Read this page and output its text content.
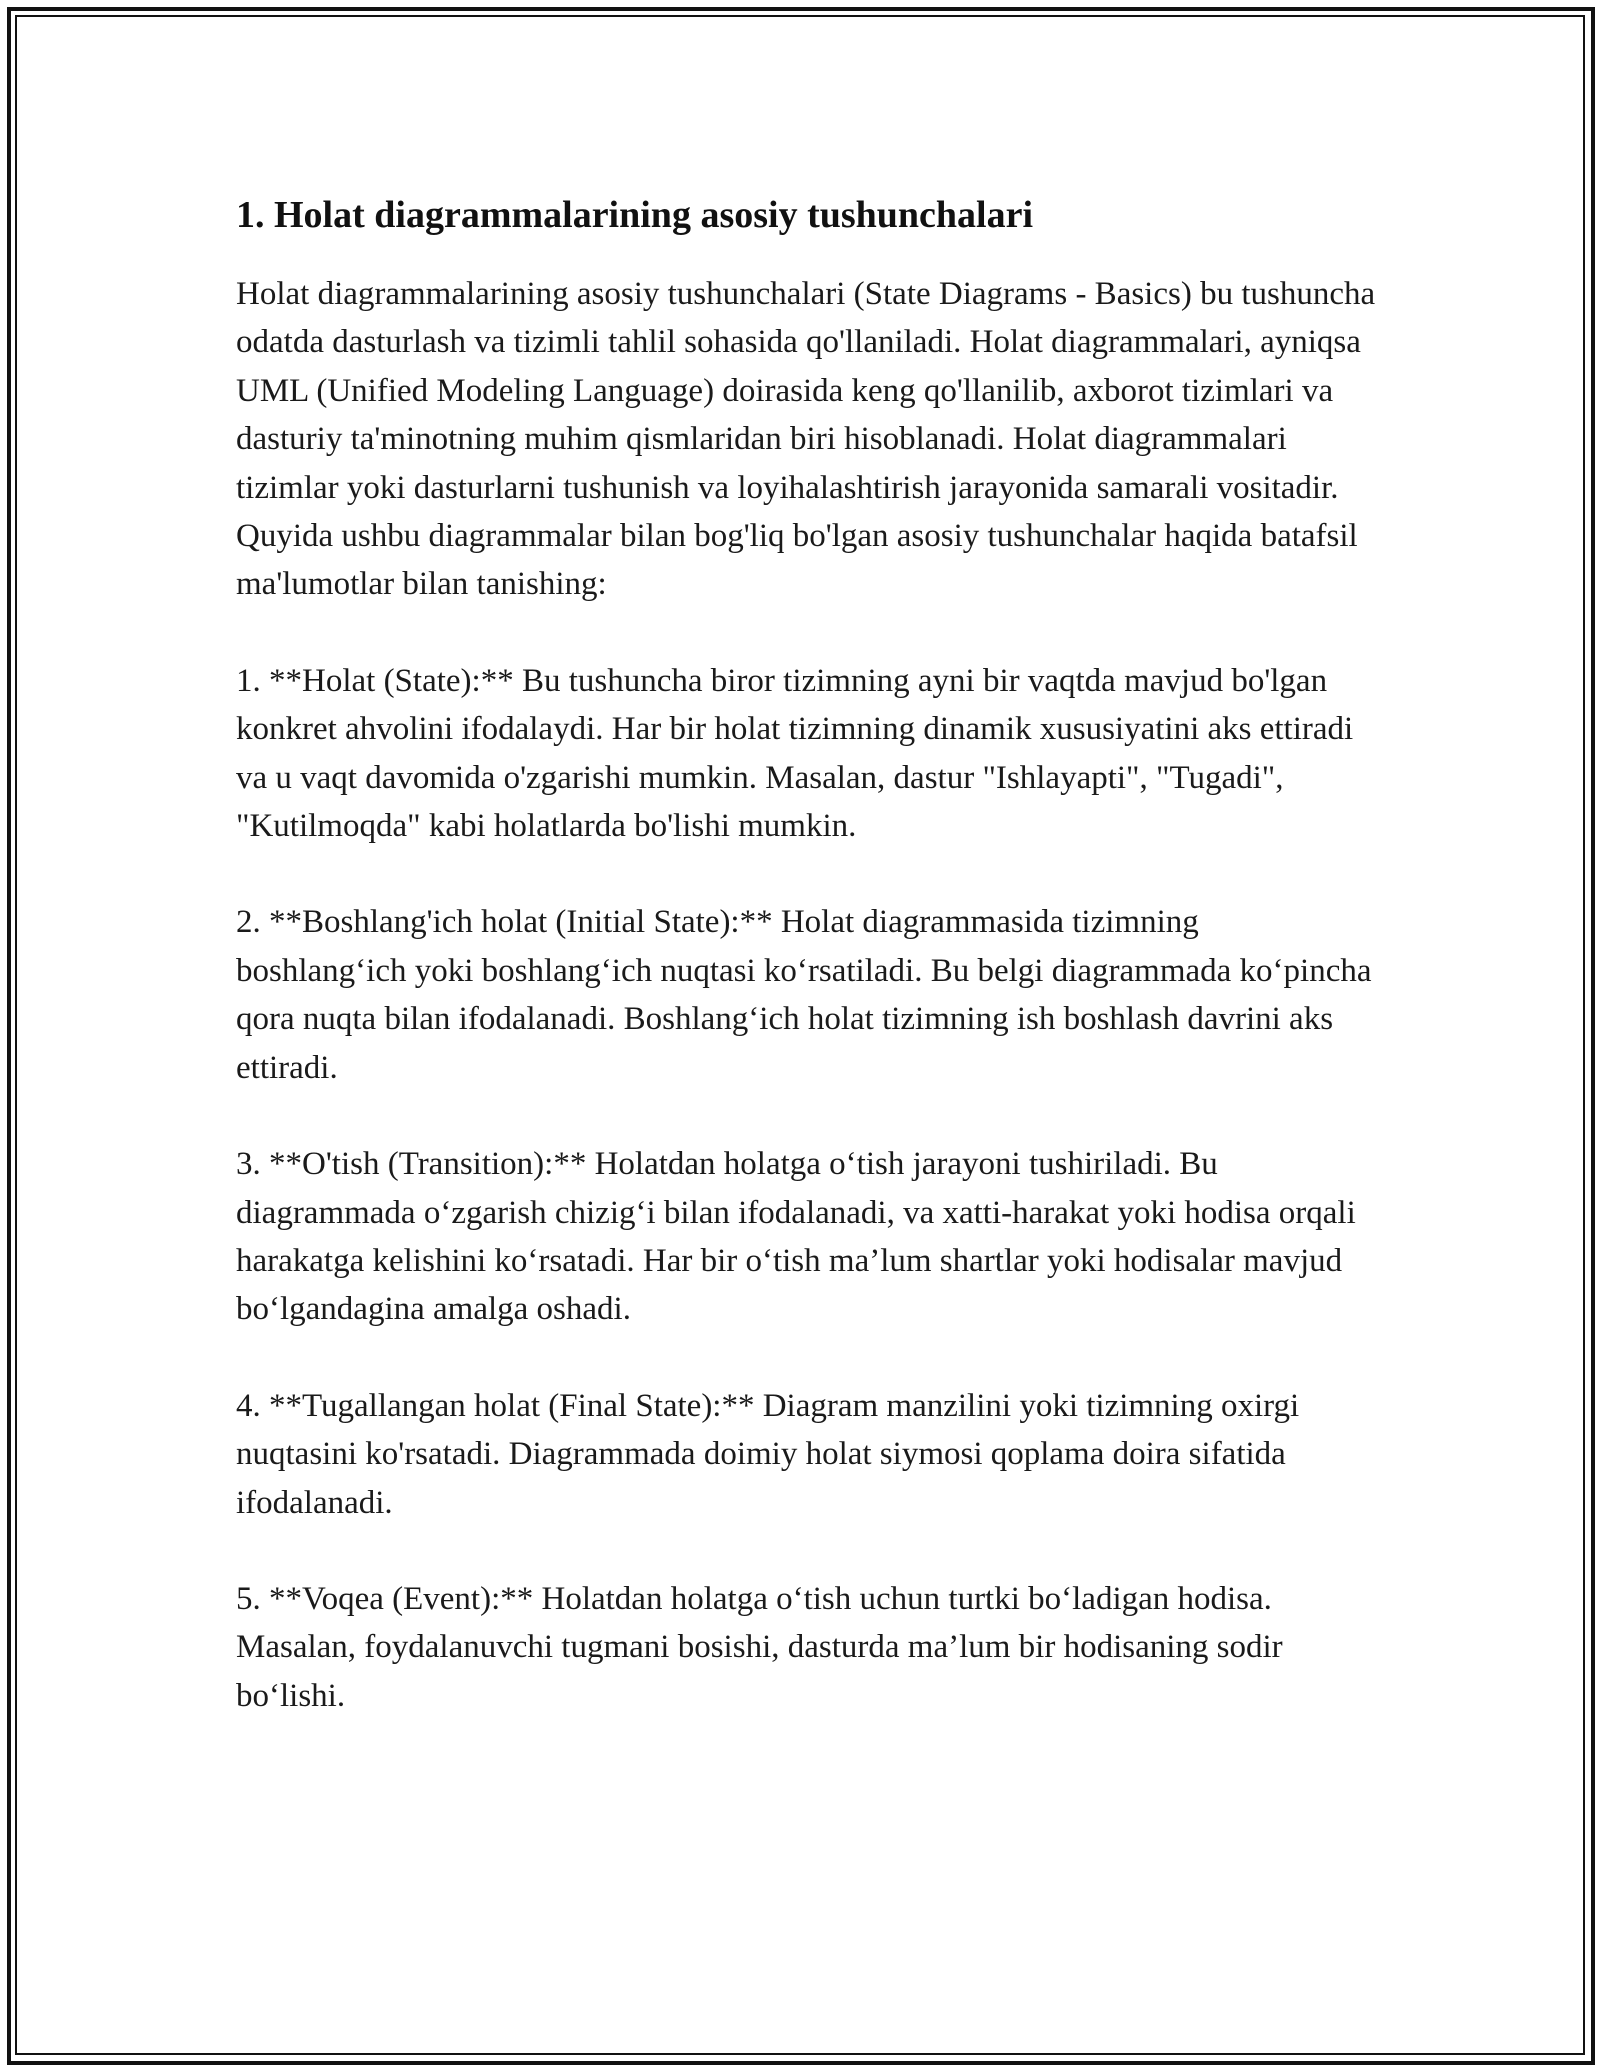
1. Holat diagrammalarining asosiy tushunchalari

Holat diagrammalarining asosiy tushunchalari (State Diagrams - Basics) bu tushuncha odatda dasturlash va tizimli tahlil sohasida qo'llaniladi. Holat diagrammalari, ayniqsa UML (Unified Modeling Language) doirasida keng qo'llanilib, axborot tizimlari va dasturiy ta'minotning muhim qismlaridan biri hisoblanadi. Holat diagrammalari tizimlar yoki dasturlarni tushunish va loyihalashtirish jarayonida samarali vositadir. Quyida ushbu diagrammalar bilan bog'liq bo'lgan asosiy tushunchalar haqida batafsil ma'lumotlar bilan tanishing:

1. **Holat (State):** Bu tushuncha biror tizimning ayni bir vaqtda mavjud bo'lgan konkret ahvolini ifodalaydi. Har bir holat tizimning dinamik xususiyatini aks ettiradi va u vaqt davomida o'zgarishi mumkin. Masalan, dastur "Ishlayapti", "Tugadi", "Kutilmoqda" kabi holatlarda bo'lishi mumkin.

2. **Boshlang'ich holat (Initial State):** Holat diagrammasida tizimning boshlang‘ich yoki boshlang‘ich nuqtasi ko‘rsatiladi. Bu belgi diagrammada ko‘pincha qora nuqta bilan ifodalanadi. Boshlang‘ich holat tizimning ish boshlash davrini aks ettiradi.

3. **O'tish (Transition):** Holatdan holatga o‘tish jarayoni tushiriladi. Bu diagrammada o‘zgarish chizig‘i bilan ifodalanadi, va xatti-harakat yoki hodisa orqali harakatga kelishini ko‘rsatadi. Har bir o‘tish ma’lum shartlar yoki hodisalar mavjud bo‘lgandagina amalga oshadi.

4. **Tugallangan holat (Final State):** Diagram manzilini yoki tizimning oxirgi nuqtasini ko'rsatadi. Diagrammada doimiy holat siymosi qoplama doira sifatida ifodalanadi.

5. **Voqea (Event):** Holatdan holatga o‘tish uchun turtki bo‘ladigan hodisa. Masalan, foydalanuvchi tugmani bosishi, dasturda ma’lum bir hodisaning sodir bo‘lishi.
